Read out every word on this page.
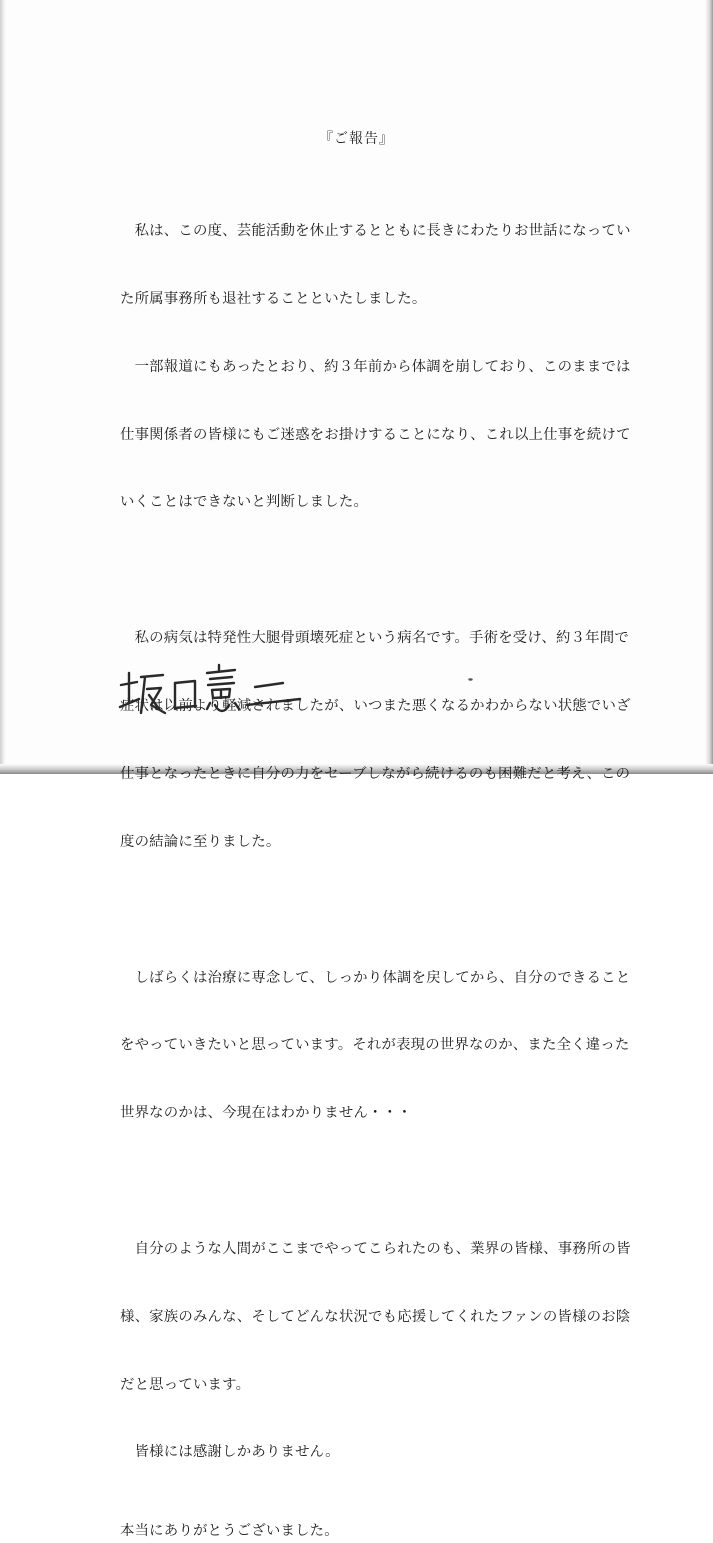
『ご報告』

　私は、この度、芸能活動を休止するとともに長きにわたりお世話になってい

た所属事務所も退社することといたしました。

　一部報道にもあったとおり、約３年前から体調を崩しており、このままでは

仕事関係者の皆様にもご迷惑をお掛けすることになり、これ以上仕事を続けて

いくことはできないと判断しました。

　私の病気は特発性大腿骨頭壊死症という病名です。手術を受け、約３年間で

症状は以前より軽減されましたが、いつまた悪くなるかわからない状態でいざ

仕事となったときに自分の力をセーブしながら続けるのも困難だと考え、この

度の結論に至りました。

　しばらくは治療に専念して、しっかり体調を戻してから、自分のできること

をやっていきたいと思っています。それが表現の世界なのか、また全く違った

世界なのかは、今現在はわかりません・・・

　自分のような人間がここまでやってこられたのも、業界の皆様、事務所の皆

様、家族のみんな、そしてどんな状況でも応援してくれたファンの皆様のお陰

だと思っています。

　皆様には感謝しかありません。

本当にありがとうございました。
